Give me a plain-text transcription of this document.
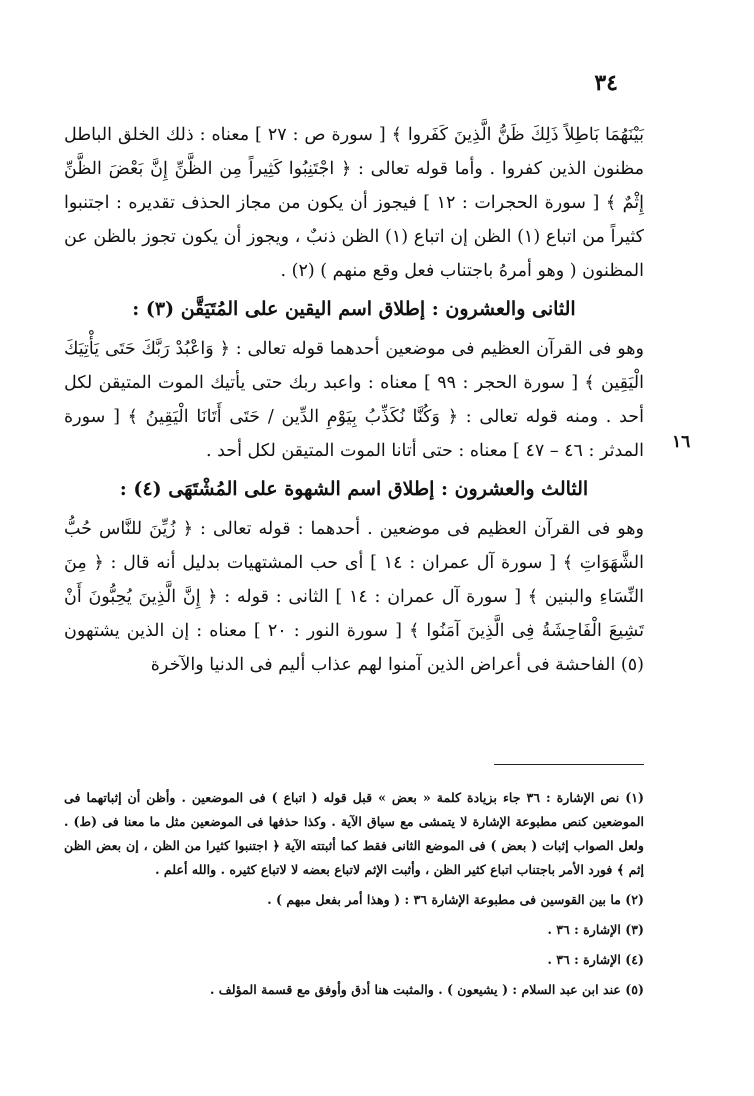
٣٤
١٦

بَيْنَهُمَا بَاطِلاً ذَلِكَ ظَنُّ الَّذِينَ كَفَروا ﴾ [ سورة ص : ٢٧ ] معناه : ذلك الخلق الباطل مظنون الذين كفروا . وأما قوله تعالى : ﴿ اجْتَنِبُوا كَثِيراً مِن الظَّنِّ إِنَّ بَعْضَ الظَّنِّ إِثْمٌ ﴾ [ سورة الحجرات : ١٢ ] فيجوز أن يكون من مجاز الحذف تقديره : اجتنبوا كثيراً من اتباع (١) الظن إن اتباع (١) الظن ذنبٌ ، ويجوز أن يكون تجوز بالظن عن المظنون ( وهو أمرهُ باجتناب فعل وقع منهم ) (٢) .

الثانى والعشرون : إطلاق اسم اليقين على المُتَيَقَّن (٣) :

وهو فى القرآن العظيم فى موضعين أحدهما قوله تعالى : ﴿ وَاعْبُدْ رَبَّكَ حَتَى يَأْتِيَكَ الْيَقِين ﴾ [ سورة الحجر : ٩٩ ] معناه : واعبد ربك حتى يأتيك الموت المتيقن لكل أحد . ومنه قوله تعالى : ﴿ وَكُنَّا نُكَذِّبُ بِيَوْمِ الدِّين / حَتَى أَتَانَا الْيَقِينُ ﴾ [ سورة المدثر : ٤٦ – ٤٧ ] معناه : حتى أتانا الموت المتيقن لكل أحد .

الثالث والعشرون : إطلاق اسم الشهوة على المُشْتَهَى (٤) :

وهو فى القرآن العظيم فى موضعين . أحدهما : قوله تعالى : ﴿ زُيِّنَ للنَّاس حُبُّ الشَّهَوَاتِ ﴾ [ سورة آل عمران : ١٤ ] أى حب المشتهيات بدليل أنه قال : ﴿ مِنَ النِّسَاءِ والبنين ﴾ [ سورة آل عمران : ١٤ ] الثانى : قوله : ﴿ إِنَّ الَّذِينَ يُحِبُّونَ أَنْ تَشِيعَ الْفَاحِشَةُ فِى الَّذِينَ آمَنُوا ﴾ [ سورة النور : ٢٠ ] معناه : إن الذين يشتهون (٥) الفاحشة فى أعراض الذين آمنوا لهم عذاب أليم فى الدنيا والآخرة

(١) نص الإشارة : ٣٦ جاء بزيادة كلمة « بعض » قبل قوله ( اتباع ) فى الموضعين . وأظن أن إثباتهما فى الموضعين كنص مطبوعة الإشارة لا يتمشى مع سياق الآية . وكذا حذفها فى الموضعين مثل ما معنا فى (ط) . ولعل الصواب إثبات ( بعض ) فى الموضع الثانى فقط كما أثبتته الآية ﴿ اجتنبوا كثيرا من الظن ، إن بعض الظن إثم ﴾ فورد الأمر باجتناب اتباع كثير الظن ، وأثبت الإثم لاتباع بعضه لا لاتباع كثيره . والله أعلم .

(٢) ما بين القوسين فى مطبوعة الإشارة ٣٦ : ( وهذا أمر بفعل مبهم ) .

(٣) الإشارة : ٣٦ .

(٤) الإشارة : ٣٦ .

(٥) عند ابن عبد السلام : ( يشيعون ) . والمثبت هنا أدق وأوفق مع قسمة المؤلف .
